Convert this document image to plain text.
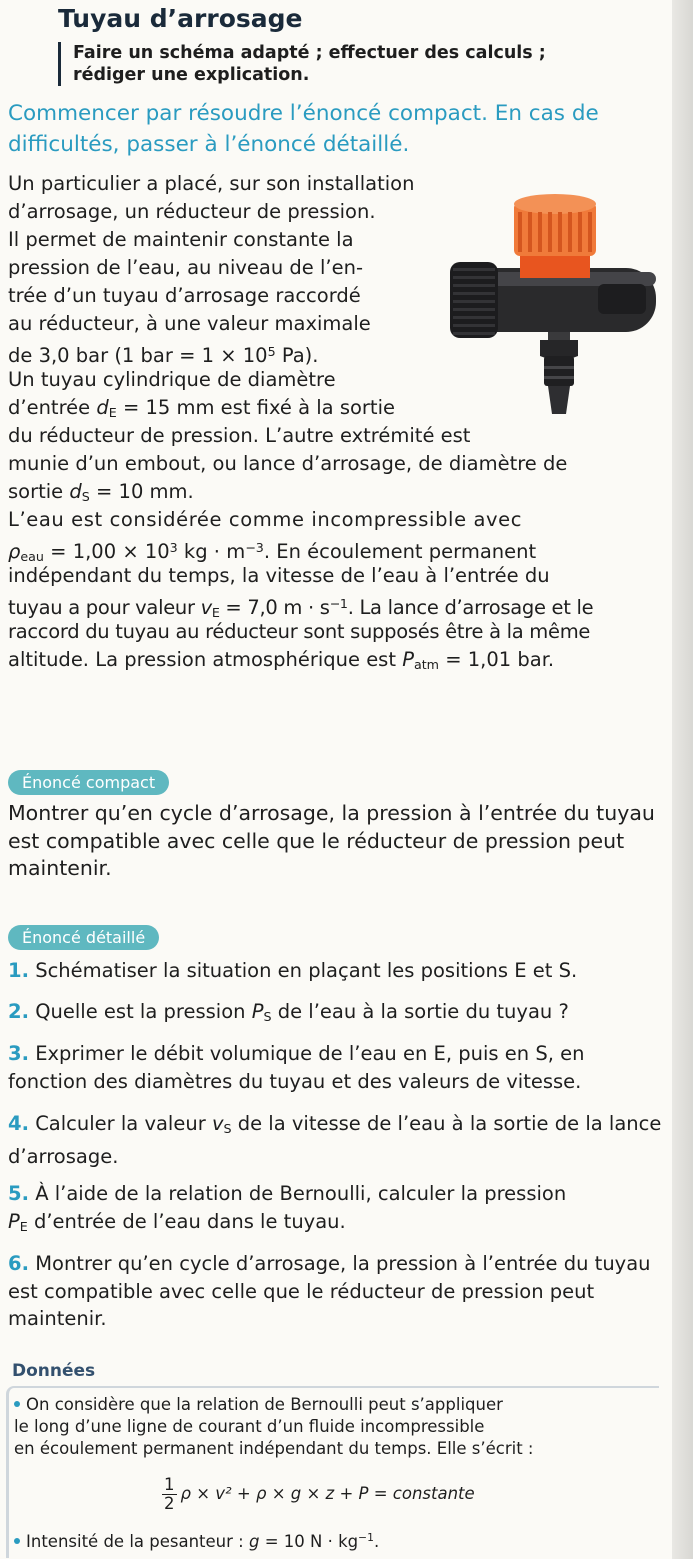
Tuyau d’arrosage
Faire un schéma adapté ; effectuer des calculs ;
rédiger une explication.
Commencer par résoudre l’énoncé compact. En cas de difficultés, passer à l’énoncé détaillé.
Un particulier a placé, sur son installation
d’arrosage, un réducteur de pression.
Il permet de maintenir constante la
pression de l’eau, au niveau de l’en-
trée d’un tuyau d’arrosage raccordé
au réducteur, à une valeur maximale
de 3,0 bar (1 bar = $1 \times 10^5$ Pa).
Un tuyau cylindrique de diamètre
d’entrée $d_E = 15$ mm est fixé à la sortie
du réducteur de pression. L’autre extrémité est
munie d’un embout, ou lance d’arrosage, de diamètre de
sortie $d_S = 10$ mm.
L’eau est considérée comme incompressible avec
$\rho_{eau} = 1,00 \times 10^3$ kg · $m^{-3}$. En écoulement permanent
indépendant du temps, la vitesse de l’eau à l’entrée du
tuyau a pour valeur $v_E = 7,0$ $m \cdot s^{-1}$. La lance d’arrosage et le
raccord du tuyau au réducteur sont supposés être à la même
altitude. La pression atmosphérique est $P_{atm} = 1,01$ bar.
Énoncé compact
Montrer qu’en cycle d’arrosage, la pression à l’entrée du tuyau est compatible avec celle que le réducteur de pression peut maintenir.
Énoncé détaillé
1. Schématiser la situation en plaçant les positions E et S.
2. Quelle est la pression $P_S$ de l’eau à la sortie du tuyau ?
3. Exprimer le débit volumique de l’eau en E, puis en S, en fonction des diamètres du tuyau et des valeurs de vitesse.
4. Calculer la valeur $v_S$ de la vitesse de l’eau à la sortie de la lance d’arrosage.
5. À l’aide de la relation de Bernoulli, calculer la pression
$P_E$ d’entrée de l’eau dans le tuyau.
6. Montrer qu’en cycle d’arrosage, la pression à l’entrée du tuyau est compatible avec celle que le réducteur de pression peut maintenir.
Données
On considère que la relation de Bernoulli peut s’appliquer
le long d’une ligne de courant d’un fluide incompressible
en écoulement permanent indépendant du temps. Elle s’écrit :
$\frac{1}{2}$ ρ × v² + ρ × g × z + P = constante
Intensité de la pesanteur : g = 10 $N \cdot kg^{-1}$.
